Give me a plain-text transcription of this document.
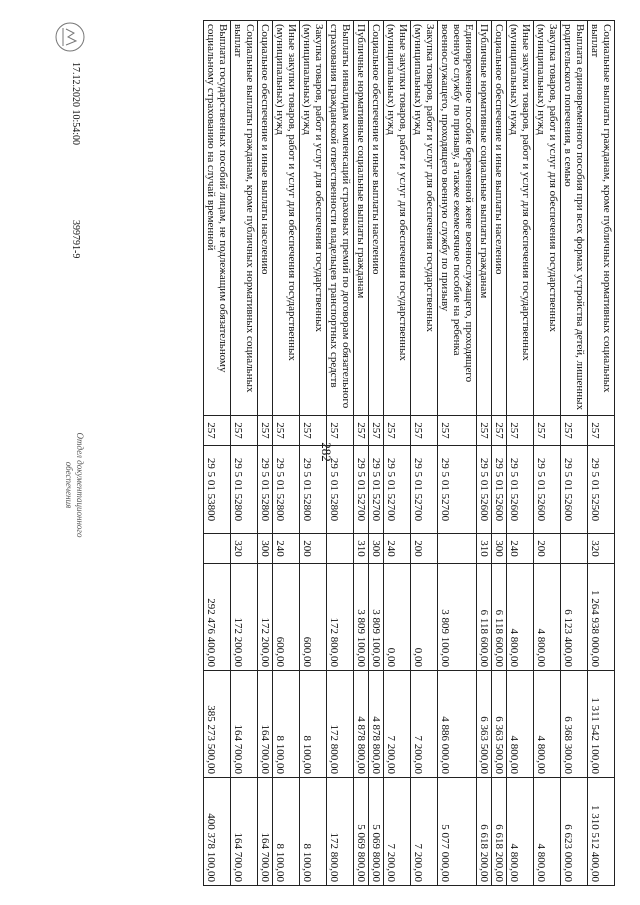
282
Социальные выплаты гражданам, кроме публичных нормативных социальных выплат	257	29 5 01 52500	320	1 264 938 000,00	1 311 542 100,00	1 310 512 400,00
Выплата единовременного пособия при всех формах устройства детей, лишенных родительского попечения, в семью	257	29 5 01 52600		6 123 400,00	6 368 300,00	6 623 000,00
Закупка товаров, работ и услуг для обеспечения государственных (муниципальных) нужд	257	29 5 01 52600	200	4 800,00	4 800,00	4 800,00
Иные закупки товаров, работ и услуг для обеспечения государственных (муниципальных) нужд	257	29 5 01 52600	240	4 800,00	4 800,00	4 800,00
Социальное обеспечение и иные выплаты населению	257	29 5 01 52600	300	6 118 600,00	6 363 500,00	6 618 200,00
Публичные нормативные социальные выплаты гражданам	257	29 5 01 52600	310	6 118 600,00	6 363 500,00	6 618 200,00
Единовременное пособие беременной жене военнослужащего, проходящего военную службу по призыву, а также ежемесячное пособие на ребенка военнослужащего, проходящего военную службу по призыву	257	29 5 01 52700		3 809 100,00	4 886 000,00	5 077 000,00
Закупка товаров, работ и услуг для обеспечения государственных (муниципальных) нужд	257	29 5 01 52700	200	0,00	7 200,00	7 200,00
Иные закупки товаров, работ и услуг для обеспечения государственных (муниципальных) нужд	257	29 5 01 52700	240	0,00	7 200,00	7 200,00
Социальное обеспечение и иные выплаты населению	257	29 5 01 52700	300	3 809 100,00	4 878 800,00	5 069 800,00
Публичные нормативные социальные выплаты гражданам	257	29 5 01 52700	310	3 809 100,00	4 878 800,00	5 069 800,00
Выплаты инвалидам компенсаций страховых премий по договорам обязательного страхования гражданской ответственности владельцев транспортных средств	257	29 5 01 52800		172 800,00	172 800,00	172 800,00
Закупка товаров, работ и услуг для обеспечения государственных (муниципальных) нужд	257	29 5 01 52800	200	600,00	8 100,00	8 100,00
Иные закупки товаров, работ и услуг для обеспечения государственных (муниципальных) нужд	257	29 5 01 52800	240	600,00	8 100,00	8 100,00
Социальное обеспечение и иные выплаты населению	257	29 5 01 52800	300	172 200,00	164 700,00	164 700,00
Социальные выплаты гражданам, кроме публичных нормативных социальных выплат	257	29 5 01 52800	320	172 200,00	164 700,00	164 700,00
Выплата государственных пособий лицам, не подлежащим обязательному социальному страхованию на случай временной	257	29 5 01 53800		292 476 400,00	385 273 500,00	400 378 100,00
17.12.2020 10:54:00
399791-9
Отдел документационного обеспечения
